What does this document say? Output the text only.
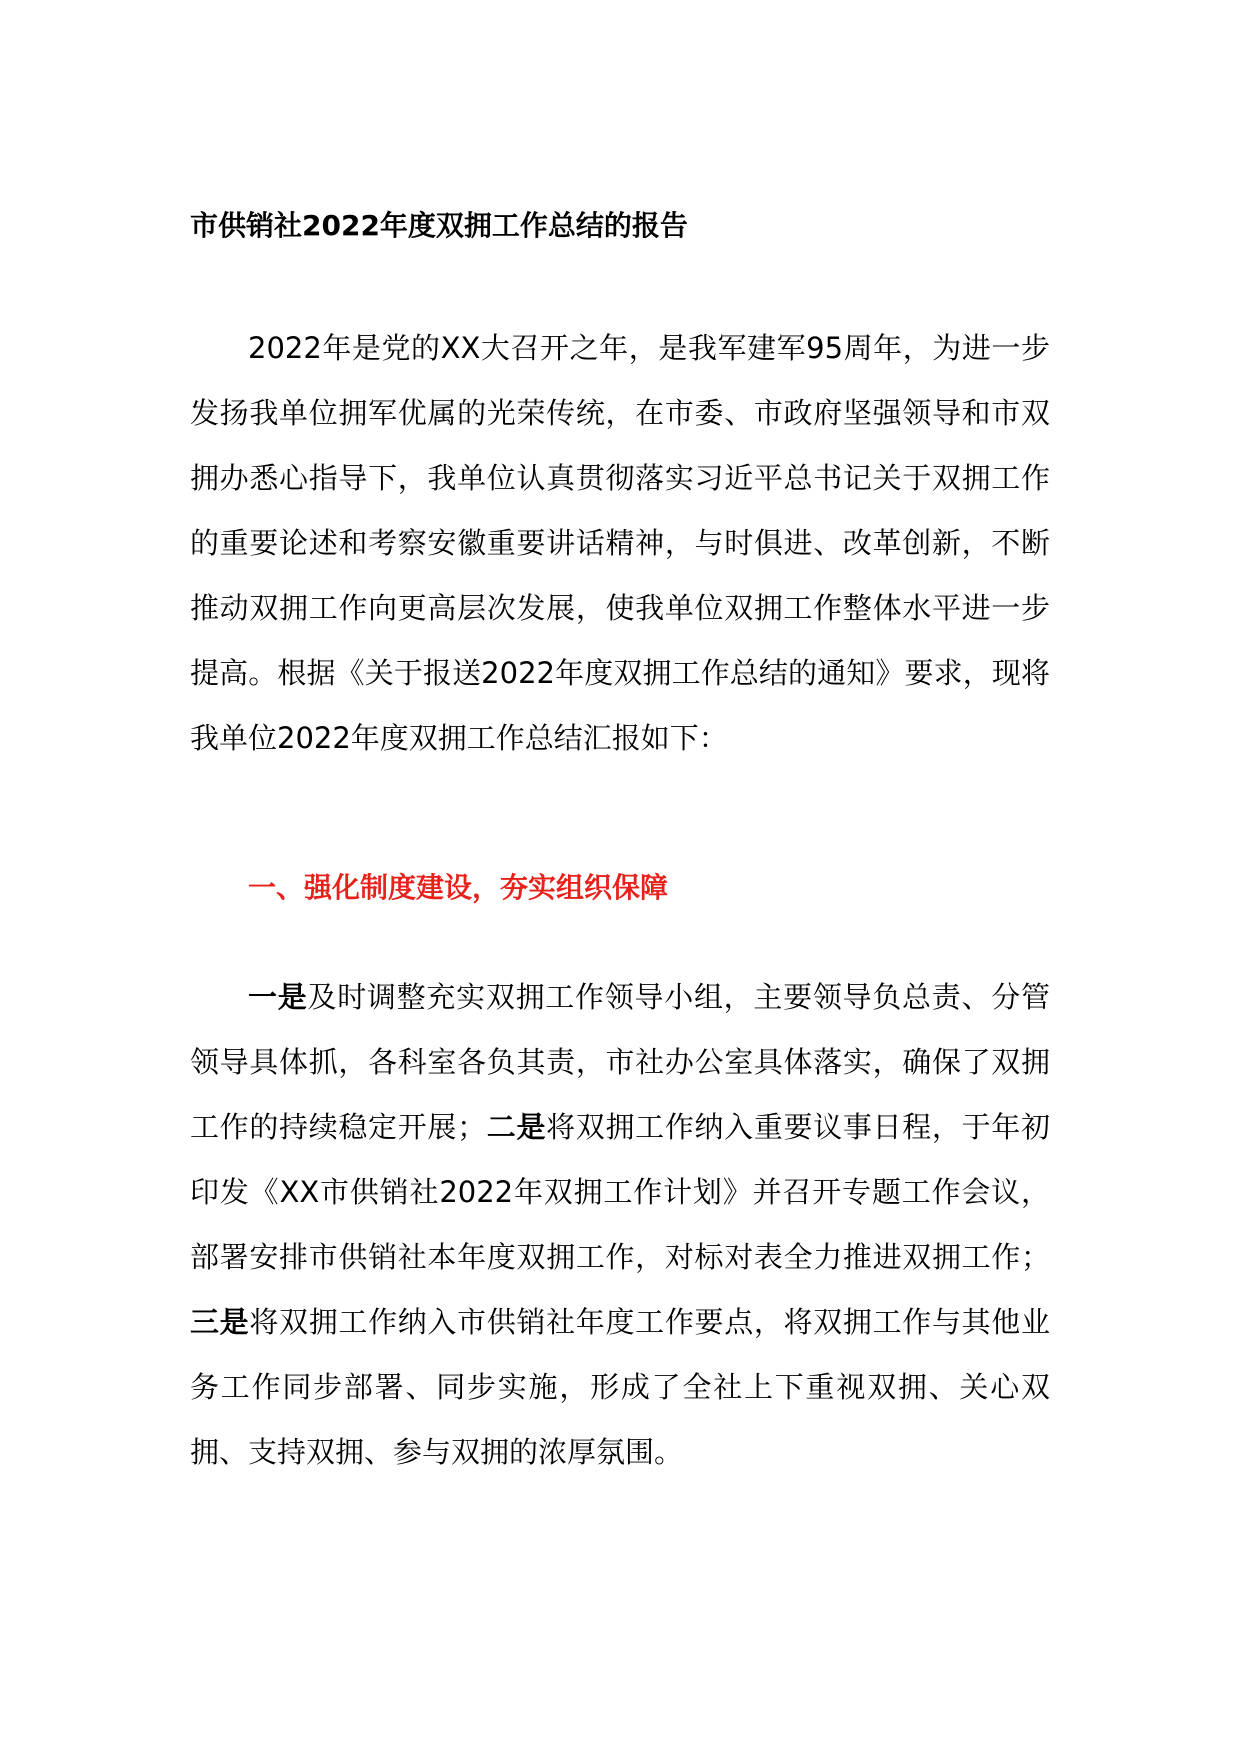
市供销社2022年度双拥工作总结的报告

2022年是党的XX大召开之年，是我军建军95周年，为进一步发扬我单位拥军优属的光荣传统，在市委、市政府坚强领导和市双拥办悉心指导下，我单位认真贯彻落实习近平总书记关于双拥工作的重要论述和考察安徽重要讲话精神，与时俱进、改革创新，不断推动双拥工作向更高层次发展，使我单位双拥工作整体水平进一步提高。根据《关于报送2022年度双拥工作总结的通知》要求，现将我单位2022年度双拥工作总结汇报如下：

一、强化制度建设，夯实组织保障

一是及时调整充实双拥工作领导小组，主要领导负总责、分管领导具体抓，各科室各负其责，市社办公室具体落实，确保了双拥工作的持续稳定开展；二是将双拥工作纳入重要议事日程，于年初印发《XX市供销社2022年双拥工作计划》并召开专题工作会议，部署安排市供销社本年度双拥工作，对标对表全力推进双拥工作；三是将双拥工作纳入市供销社年度工作要点，将双拥工作与其他业务工作同步部署、同步实施，形成了全社上下重视双拥、关心双拥、支持双拥、参与双拥的浓厚氛围。
